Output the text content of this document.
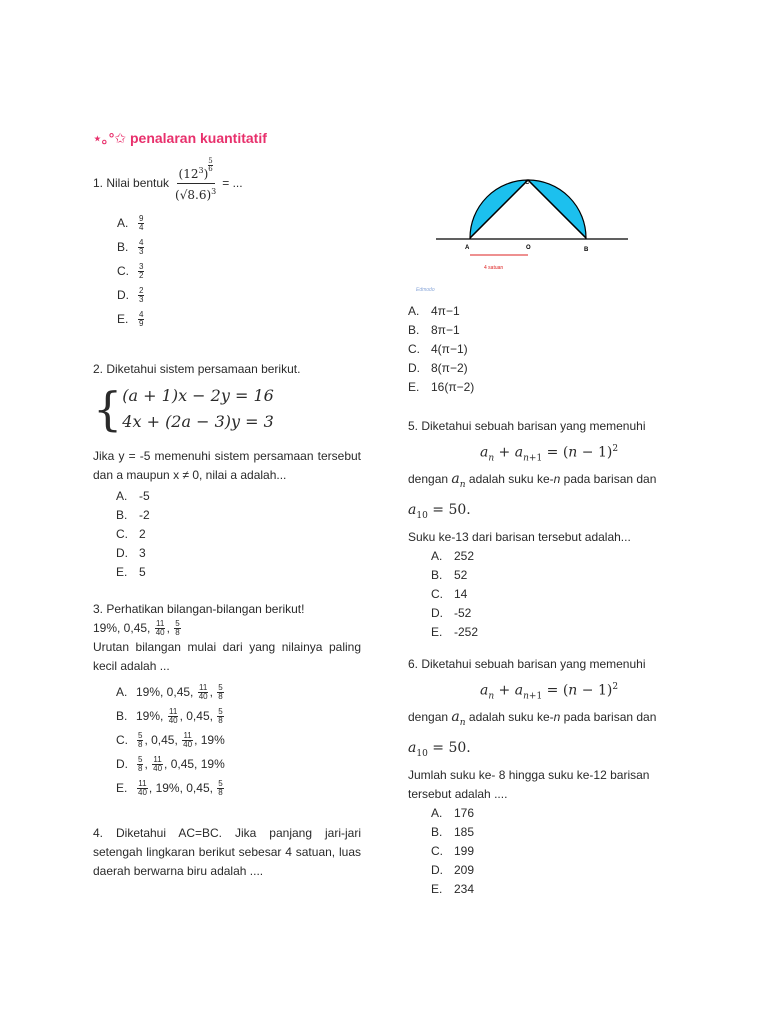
⋆｡°✩ penalaran kuantitatif
1. Nilai bentuk $(12^3)$
$^{\frac{5}{6}}$
$(√8.6)^3$ = ...
A.	$\frac{9}{4}$
B.	$\frac{4}{3}$
C.	$\frac{3}{2}$
D.	$\frac{2}{3}$
E.	$\frac{4}{9}$
2. Diketahui sistem persamaan berikut.
{ (a + 1)x − 2y = 16
4x + (2a − 3)y = 3
Jika y = -5 memenuhi sistem persamaan tersebut dan a maupun x ≠ 0, nilai a adalah...
A. -5
B. -2
C. 2
D. 3
E. 5
3. Perhatikan bilangan-bilangan berikut!
19%, 0,45, $\frac{11}{40}$ , $\frac{5}{8}$
Urutan bilangan mulai dari yang nilainya paling kecil adalah ...
A. 19%, 0,45, $\frac{11}{40}$ , $\frac{5}{8}$
B. 19%, $\frac{11}{40}$ , 0,45, $\frac{5}{8}$
C.	$\frac{5}{8}$ , 0,45, $\frac{11}{40}$ , 19%
D.	$\frac{5}{8}$ , $\frac{11}{40}$ , 0,45, 19%
E.	$\frac{11}{40}$ , 19%, 0,45, $\frac{5}{8}$
4. Diketahui AC=BC. Jika panjang jari-jari setengah lingkaran berikut sebesar 4 satuan, luas daerah berwarna biru adalah ....
C
A	O	B
4 satuan
Edmodo
A. 4π−1
B. 8π−1
C. 4(π−1)
D. 8(π−2)
E. 16(π−2)
5. Diketahui sebuah barisan yang memenuhi
$a_n + a_{n+1} = (n - 1)^2$
dengan $a_n$ adalah suku ke-n pada barisan dan
$a_{10} = 50$.
Suku ke-13 dari barisan tersebut adalah...
A. 252
B. 52
C. 14
D. -52
E. -252
6. Diketahui sebuah barisan yang memenuhi
$a_n + a_{n+1} = (n - 1)^2$
dengan $a_n$ adalah suku ke-n pada barisan dan
$a_{10} = 50$.
Jumlah suku ke- 8 hingga suku ke-12 barisan tersebut adalah ....
A. 176
B. 185
C. 199
D. 209
E. 234
